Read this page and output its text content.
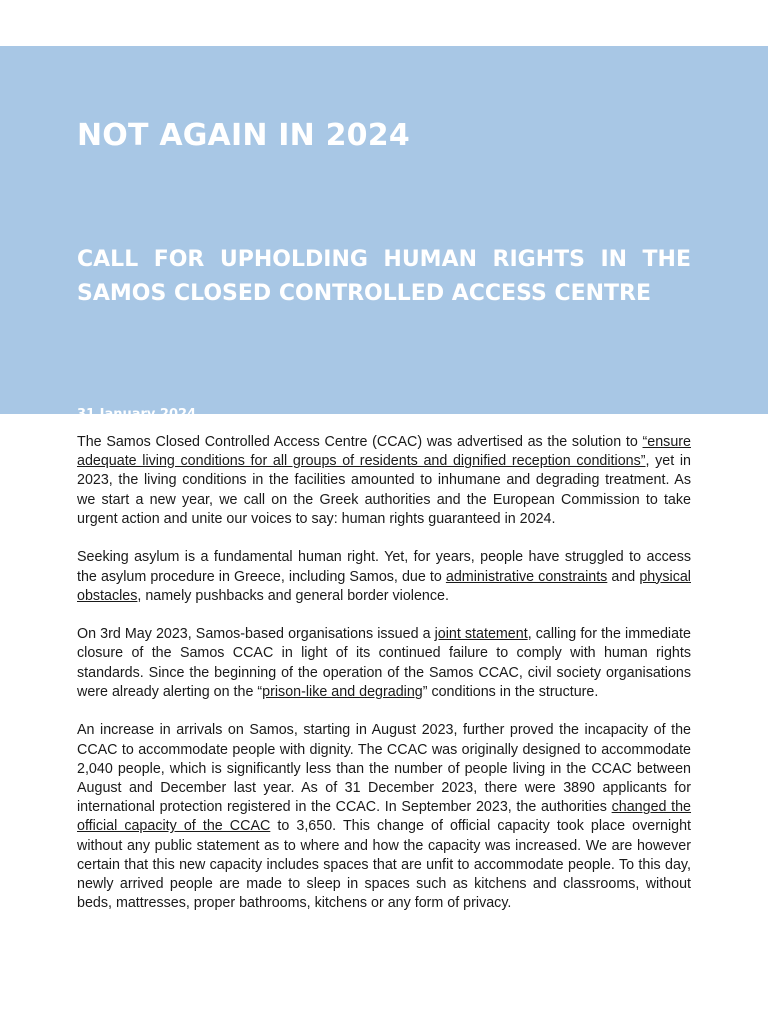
NOT AGAIN IN 2024
CALL FOR UPHOLDING HUMAN RIGHTS IN THE SAMOS CLOSED CONTROLLED ACCESS CENTRE
31 January 2024

The Samos Closed Controlled Access Centre (CCAC) was advertised as the solution to “ensure adequate living conditions for all groups of residents and dignified reception conditions”, yet in 2023, the living conditions in the facilities amounted to inhumane and degrading treatment. As we start a new year, we call on the Greek authorities and the European Commission to take urgent action and unite our voices to say: human rights guaranteed in 2024.

Seeking asylum is a fundamental human right. Yet, for years, people have struggled to access the asylum procedure in Greece, including Samos, due to administrative constraints and physical obstacles, namely pushbacks and general border violence.

On 3rd May 2023, Samos-based organisations issued a joint statement, calling for the immediate closure of the Samos CCAC in light of its continued failure to comply with human rights standards. Since the beginning of the operation of the Samos CCAC, civil society organisations were already alerting on the “prison-like and degrading” conditions in the structure.

An increase in arrivals on Samos, starting in August 2023, further proved the incapacity of the CCAC to accommodate people with dignity. The CCAC was originally designed to accommodate 2,040 people, which is significantly less than the number of people living in the CCAC between August and December last year. As of 31 December 2023, there were 3890 applicants for international protection registered in the CCAC. In September 2023, the authorities changed the official capacity of the CCAC to 3,650. This change of official capacity took place overnight without any public statement as to where and how the capacity was increased. We are however certain that this new capacity includes spaces that are unfit to accommodate people. To this day, newly arrived people are made to sleep in spaces such as kitchens and classrooms, without beds, mattresses, proper bathrooms, kitchens or any form of privacy.
